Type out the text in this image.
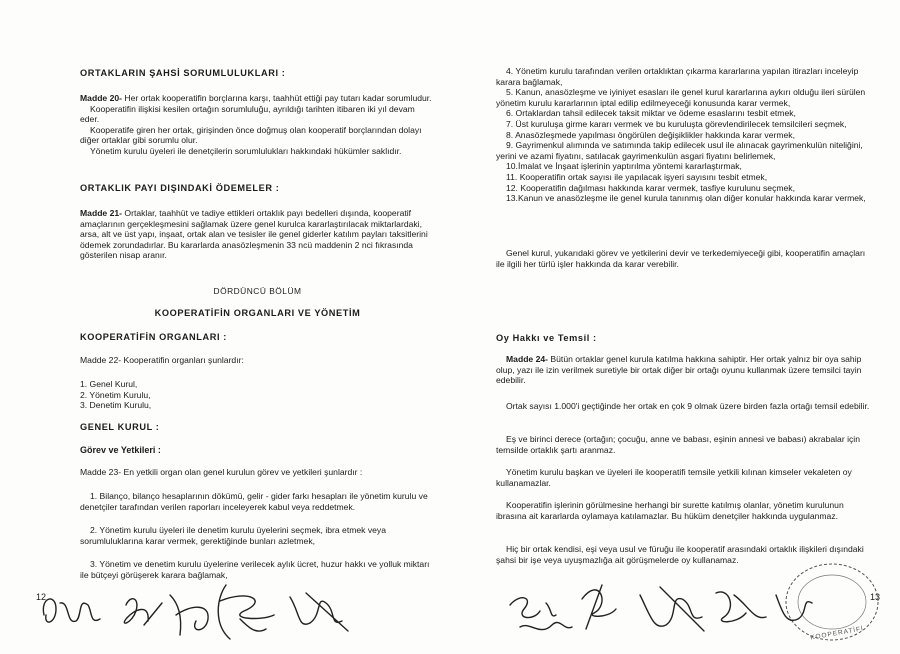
ORTAKLARIN ŞAHSİ SORUMLULUKLARI :

Madde 20- Her ortak kooperatifin borçlarına karşı, taahhüt ettiği pay tutarı kadar sorumludur.

Kooperatifin ilişkisi kesilen ortağın sorumluluğu, ayrıldığı tarihten itibaren iki yıl devam eder.

Kooperatife giren her ortak, girişinden önce doğmuş olan kooperatif borçlarından dolayı diğer ortaklar gibi sorumlu olur.

Yönetim kurulu üyeleri ile denetçilerin sorumlulukları hakkındaki hükümler saklıdır.

ORTAKLIK PAYI DIŞINDAKİ ÖDEMELER :

Madde 21- Ortaklar, taahhüt ve tadiye ettikleri ortaklık payı bedelleri dışında, kooperatif amaçlarının gerçekleşmesini sağlamak üzere genel kurulca kararlaştırılacak miktarlardaki, arsa, alt ve üst yapı, inşaat, ortak alan ve tesisler ile genel giderler katılım payları taksitlerini ödemek zorundadırlar. Bu kararlarda anasözleşmenin 33 ncü maddenin 2 nci fıkrasında gösterilen nisap aranır.

DÖRDÜNCÜ BÖLÜM

KOOPERATİFİN ORGANLARI VE YÖNETİM

KOOPERATİFİN ORGANLARI :

Madde 22- Kooperatifin organları şunlardır:

1. Genel Kurul,

2. Yönetim Kurulu,

3. Denetim Kurulu,

GENEL KURUL :

Görev ve Yetkileri :

Madde 23- En yetkili organ olan genel kurulun görev ve yetkileri şunlardır :

1. Bilanço, bilanço hesaplarının dökümü, gelir - gider farkı hesapları ile yönetim kurulu ve denetçiler tarafından verilen raporları inceleyerek kabul veya reddetmek.

2. Yönetim kurulu üyeleri ile denetim kurulu üyelerini seçmek, ibra etmek veya sorumluluklarına karar vermek, gerektiğinde bunları azletmek,

3. Yönetim ve denetim kurulu üyelerine verilecek aylık ücret, huzur hakkı ve yolluk miktarı ile bütçeyi görüşerek karara bağlamak,

12

4. Yönetim kurulu tarafından verilen ortaklıktan çıkarma kararlarına yapılan itirazları inceleyip karara bağlamak,

5. Kanun, anasözleşme ve iyiniyet esasları ile genel kurul kararlarına aykırı olduğu ileri sürülen yönetim kurulu kararlarının iptal edilip edilmeyeceği konusunda karar vermek,

6. Ortaklardan tahsil edilecek taksit miktar ve ödeme esaslarını tesbit etmek,

7. Üst kuruluşa girme kararı vermek ve bu kuruluşta görevlendirilecek temsilcileri seçmek,

8. Anasözleşmede yapılması öngörülen değişiklikler hakkında karar vermek,

9. Gayrimenkul alımında ve satımında takip edilecek usul ile alınacak gayrimenkulün niteliğini, yerini ve azami fiyatını, satılacak gayrimenkulün asgari fiyatını belirlemek,

10.İmalat ve İnşaat işlerinin yaptırılma yöntemi kararlaştırmak,

11. Kooperatifin ortak sayısı ile yapılacak işyeri sayısını tesbit etmek,

12. Kooperatifin dağılması hakkında karar vermek, tasfiye kurulunu seçmek,

13.Kanun ve anasözleşme ile genel kurula tanınmış olan diğer konular hakkında karar vermek,

Genel kurul, yukarıdaki görev ve yetkilerini devir ve terkedemiyeceği gibi, kooperatifin amaçları ile ilgili her türlü işler hakkında da karar verebilir.

Oy Hakkı ve Temsil :

Madde 24- Bütün ortaklar genel kurula katılma hakkına sahiptir. Her ortak yalnız bir oya sahip olup, yazı ile izin verilmek suretiyle bir ortak diğer bir ortağı oyunu kullanmak üzere temsilci tayin edebilir.

Ortak sayısı 1.000'i geçtiğinde her ortak en çok 9 olmak üzere birden fazla ortağı temsil edebilir.

Eş ve birinci derece (ortağın; çocuğu, anne ve babası, eşinin annesi ve babası) akrabalar için temsilde ortaklık şartı aranmaz.

Yönetim kurulu başkan ve üyeleri ile kooperatifi temsile yetkili kılınan kimseler vekaleten oy kullanamazlar.

Kooperatifin işlerinin görülmesine herhangi bir surette katılmış olanlar, yönetim kurulunun ibrasına ait kararlarda oylamaya katılamazlar. Bu hüküm denetçiler hakkında uygulanmaz.

Hiç bir ortak kendisi, eşi veya usul ve füruğu ile kooperatif arasındaki ortaklık ilişkileri dışındaki şahsi bir işe veya uyuşmazlığa ait görüşmelerde oy kullanamaz.

13
KOOPERATİFİ
